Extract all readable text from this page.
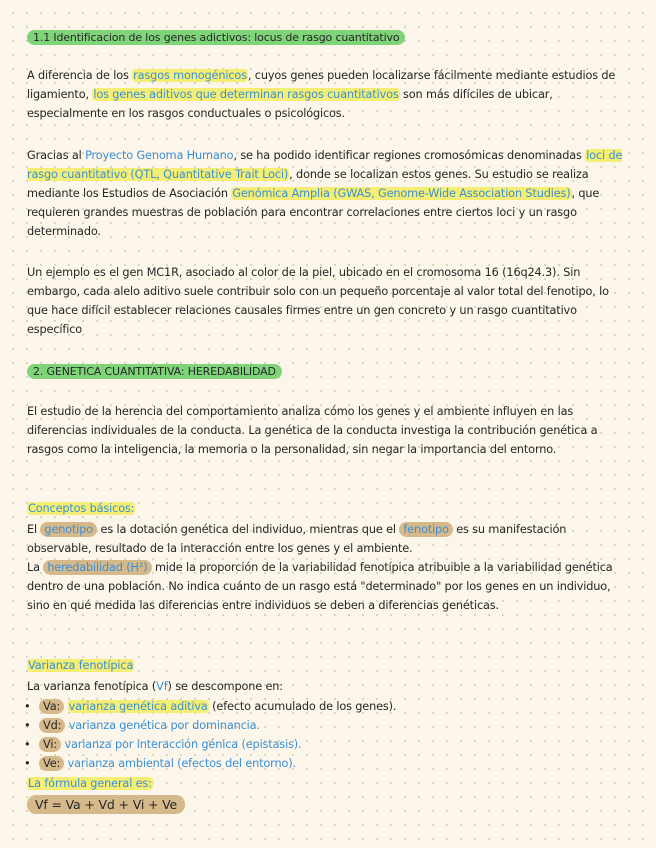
1.1 Identificacion de los genes adictivos: locus de rasgo cuantitativo

A diferencia de los rasgos monogénicos, cuyos genes pueden localizarse fácilmente mediante estudios de ligamiento, los genes aditivos que determinan rasgos cuantitativos son más difíciles de ubicar, especialmente en los rasgos conductuales o psicológicos.

Gracias al Proyecto Genoma Humano, se ha podido identificar regiones cromosómicas denominadas loci de rasgo cuantitativo (QTL, Quantitative Trait Loci), donde se localizan estos genes. Su estudio se realiza mediante los Estudios de Asociación Genómica Amplia (GWAS, Genome-Wide Association Studies), que requieren grandes muestras de población para encontrar correlaciones entre ciertos loci y un rasgo determinado.

Un ejemplo es el gen MC1R, asociado al color de la piel, ubicado en el cromosoma 16 (16q24.3). Sin embargo, cada alelo aditivo suele contribuir solo con un pequeño porcentaje al valor total del fenotipo, lo que hace difícil establecer relaciones causales firmes entre un gen concreto y un rasgo cuantitativo específico

2. GENETICA CUANTITATIVA: HEREDABILIDAD

El estudio de la herencia del comportamiento analiza cómo los genes y el ambiente influyen en las diferencias individuales de la conducta. La genética de la conducta investiga la contribución genética a rasgos como la inteligencia, la memoria o la personalidad, sin negar la importancia del entorno.

Conceptos básicos:

El genotipo es la dotación genética del individuo, mientras que el fenotipo es su manifestación observable, resultado de la interacción entre los genes y el ambiente.
La heredabilidad (H²) mide la proporción de la variabilidad fenotípica atribuible a la variabilidad genética dentro de una población. No indica cuánto de un rasgo está "determinado" por los genes en un individuo, sino en qué medida las diferencias entre individuos se deben a diferencias genéticas.

Varianza fenotípica

La varianza fenotípica (Vf) se descompone en:

• Va: varianza genética aditiva (efecto acumulado de los genes).
• Vd: varianza genética por dominancia.
• Vi: varianza por interacción génica (epistasis).
• Ve: varianza ambiental (efectos del entorno).
La fórmula general es:
Vf = Va + Vd + Vi + Ve
